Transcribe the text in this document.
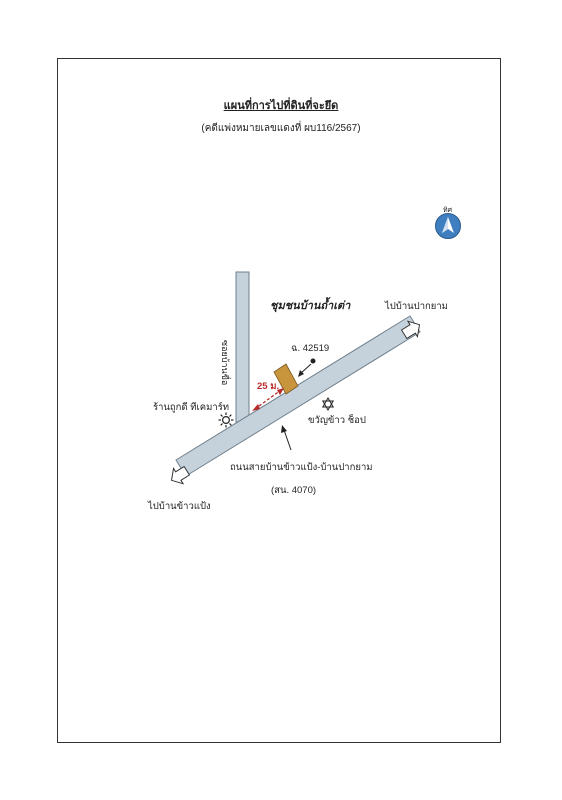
แผนที่การไปที่ดินที่จะยึด
(คดีแพ่งหมายเลขแดงที่ ผบ116/2567)
ทิศ
ชุมชนบ้านถ้ำเต่า
ฉ. 42519
25 ม.
ซอยบ้านขื่อ
ร้านถูกดี ทีเคมาร์ท
ขวัญข้าว ช็อป
ถนนสายบ้านข้าวแป้ง-บ้านปากยาม
(สน. 4070)
ไปบ้านปากยาม
ไปบ้านข้าวแป้ง
